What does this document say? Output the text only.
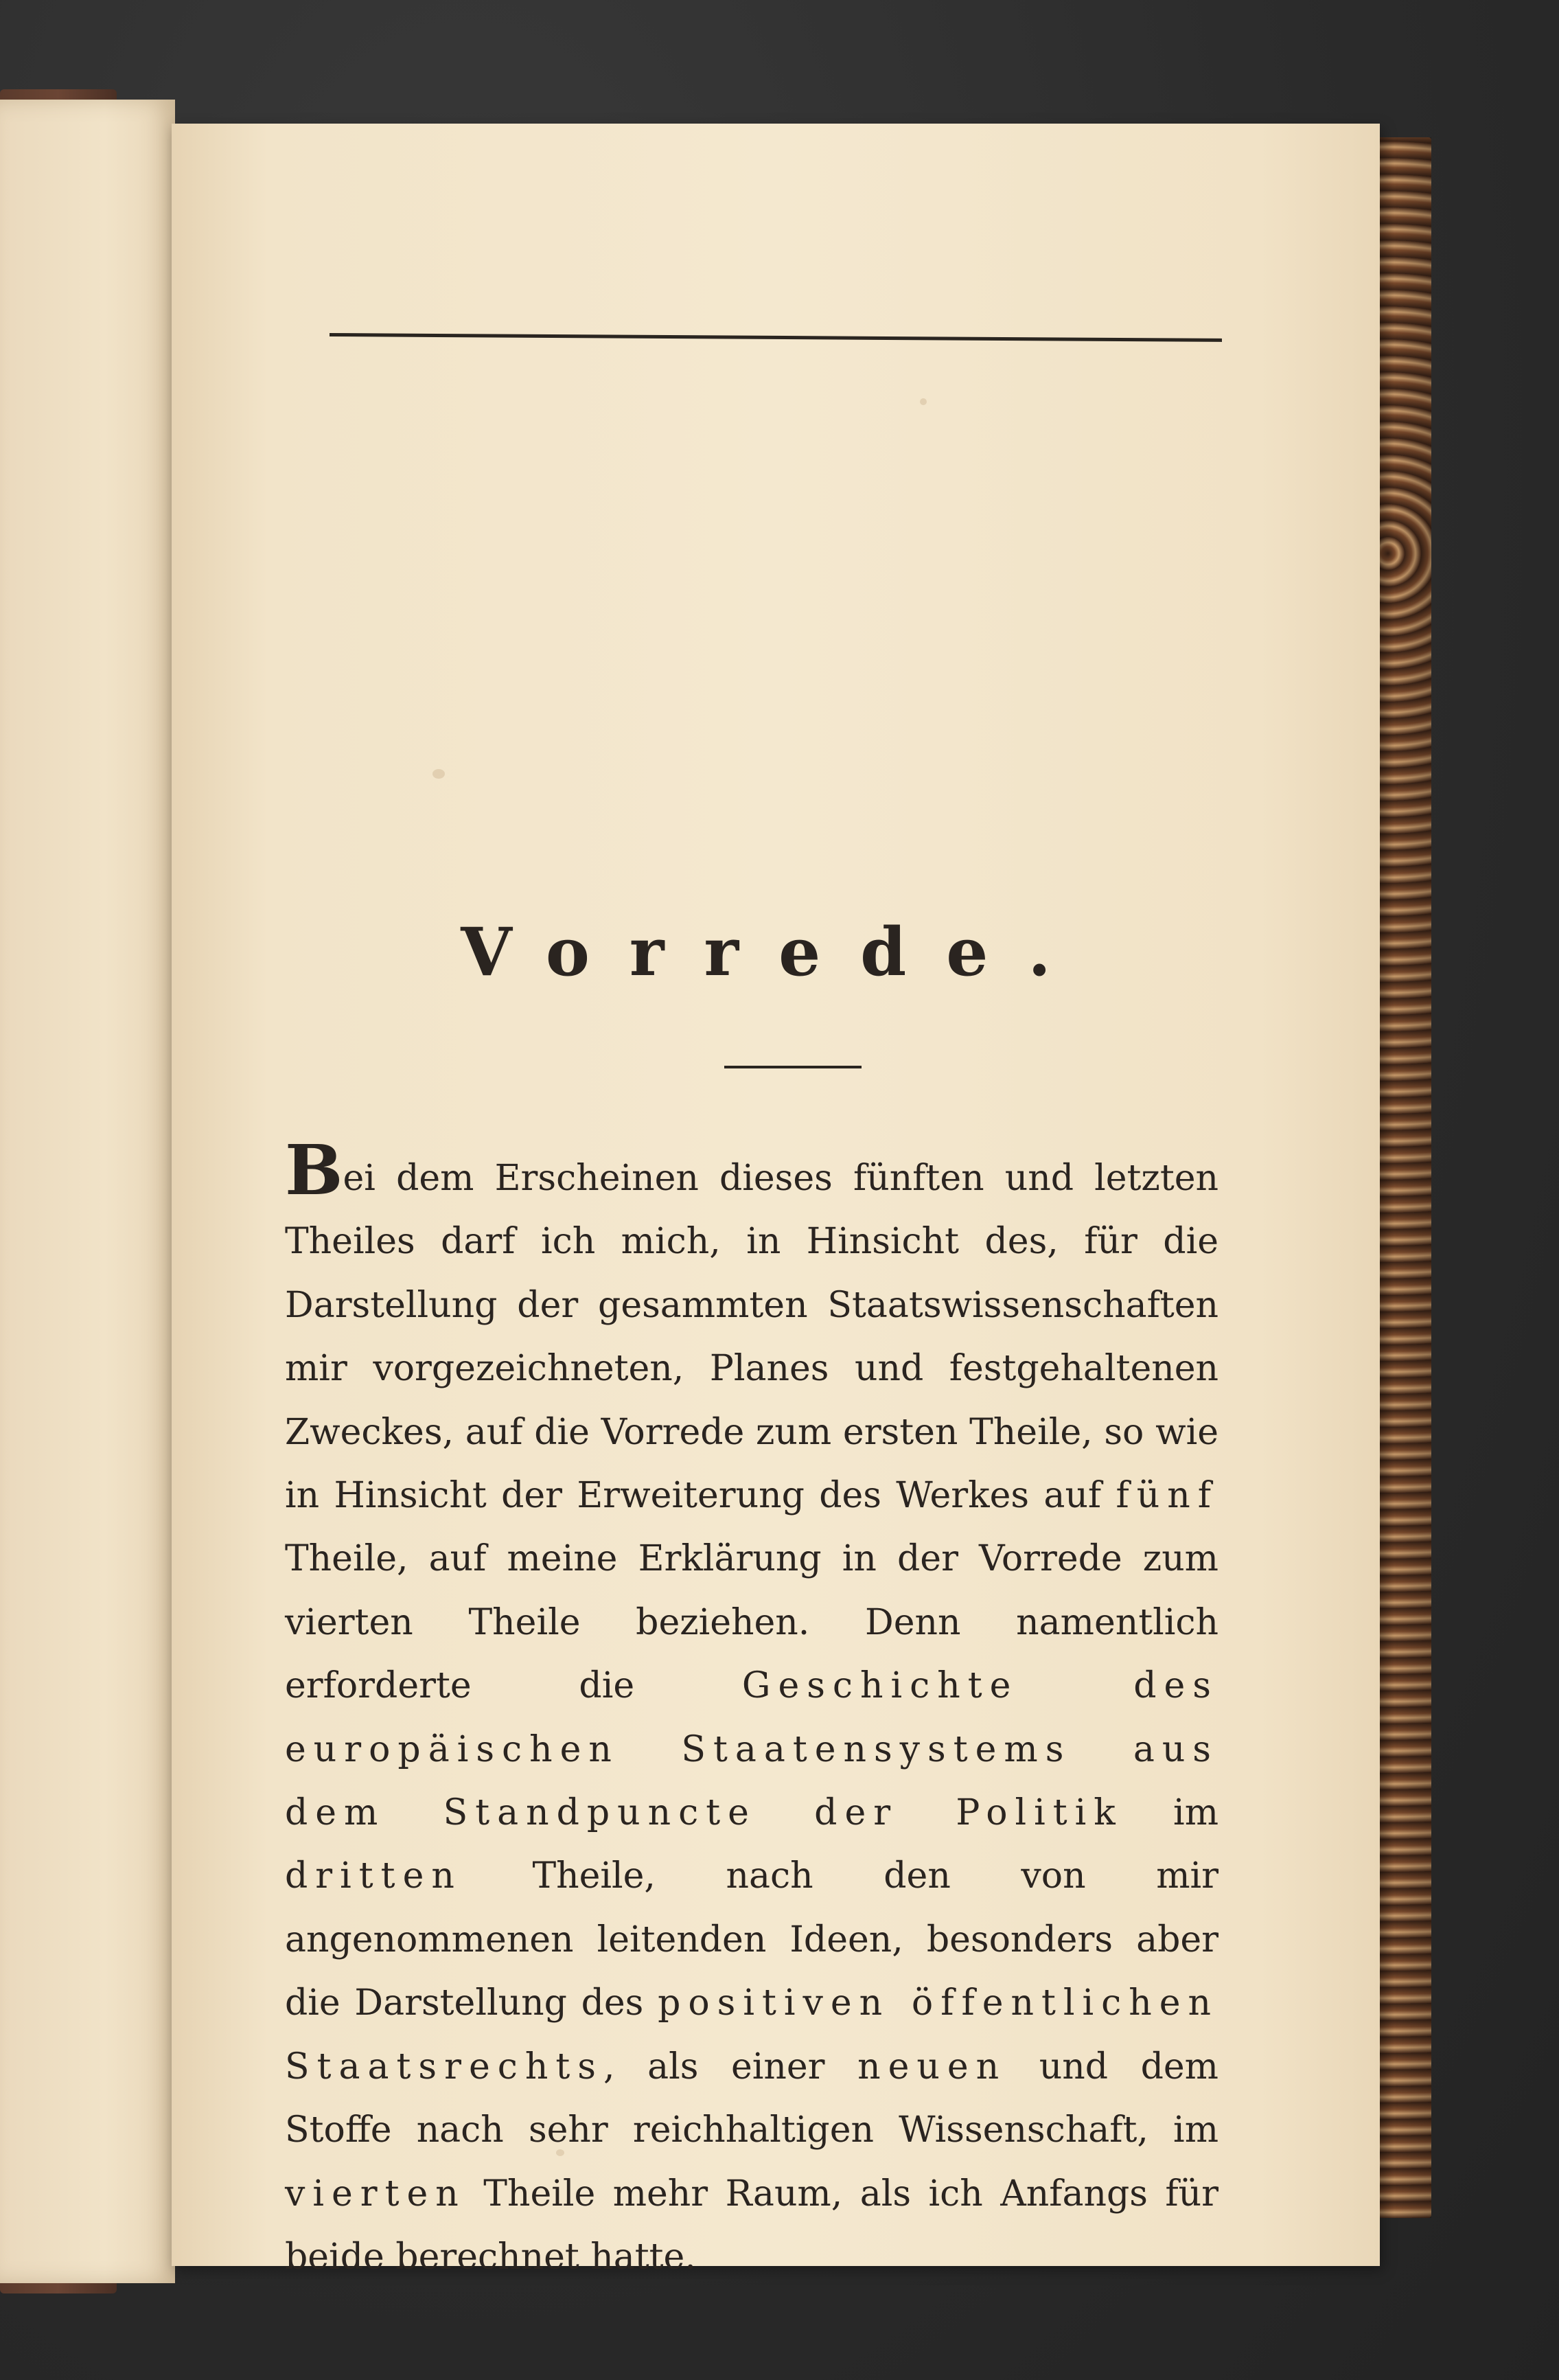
Vorrede.

Bei dem Erscheinen dieses fünften und letzten Theiles darf ich mich, in Hinsicht des, für die Darstellung der gesammten Staatswissenschaften mir vorgezeichneten, Planes und festgehaltenen Zweckes, auf die Vorrede zum ersten Theile, so wie in Hinsicht der Erweiterung des Werkes auf fünf Theile, auf meine Erklärung in der Vorrede zum vierten Theile beziehen. Denn namentlich erforderte die Geschichte des europäischen Staatensystems aus dem Standpuncte der Politik im dritten Theile, nach den von mir angenommenen leitenden Ideen, besonders aber die Darstellung des positiven öffentlichen Staatsrechts, als einer neuen und dem Stoffe nach sehr reichhaltigen Wissenschaft, im vierten Theile mehr Raum, als ich Anfangs für beide berechnet hatte.
